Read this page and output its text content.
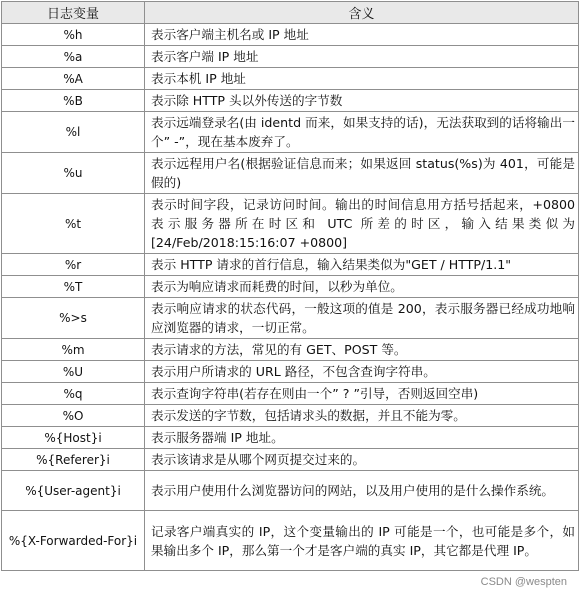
日志变量	含义
%h	表示客户端主机名或 IP 地址
%a	表示客户端 IP 地址
%A	表示本机 IP 地址
%B	表示除 HTTP 头以外传送的字节数
%l	表示远端登录名(由 identd 而来，如果支持的话)，无法获取到的话将输出一个” -”，现在基本废弃了。
%u	表示远程用户名(根据验证信息而来；如果返回 status(%s)为 401，可能是假的)
%t	表示时间字段，记录访问时间。输出的时间信息用方括号括起来，+0800 表示服务器所在时区和 UTC 所差的时区，输入结果类似为[24/Feb/2018:15:16:07 +0800]
%r	表示 HTTP 请求的首行信息，输入结果类似为"GET / HTTP/1.1"
%T	表示为响应请求而耗费的时间，以秒为单位。
%>s	表示响应请求的状态代码，一般这项的值是 200，表示服务器已经成功地响应浏览器的请求，一切正常。
%m	表示请求的方法，常见的有 GET、POST 等。
%U	表示用户所请求的 URL 路径，不包含查询字符串。
%q	表示查询字符串(若存在则由一个” ? ”引导，否则返回空串)
%O	表示发送的字节数，包括请求头的数据，并且不能为零。
%{Host}i	表示服务器端 IP 地址。
%{Referer}i	表示该请求是从哪个网页提交过来的。
%{User-agent}i	表示用户使用什么浏览器访问的网站，以及用户使用的是什么操作系统。
%{X-Forwarded-For}i	记录客户端真实的 IP，这个变量输出的 IP 可能是一个，也可能是多个，如果输出多个 IP，那么第一个才是客户端的真实 IP，其它都是代理 IP。
CSDN @wespten
